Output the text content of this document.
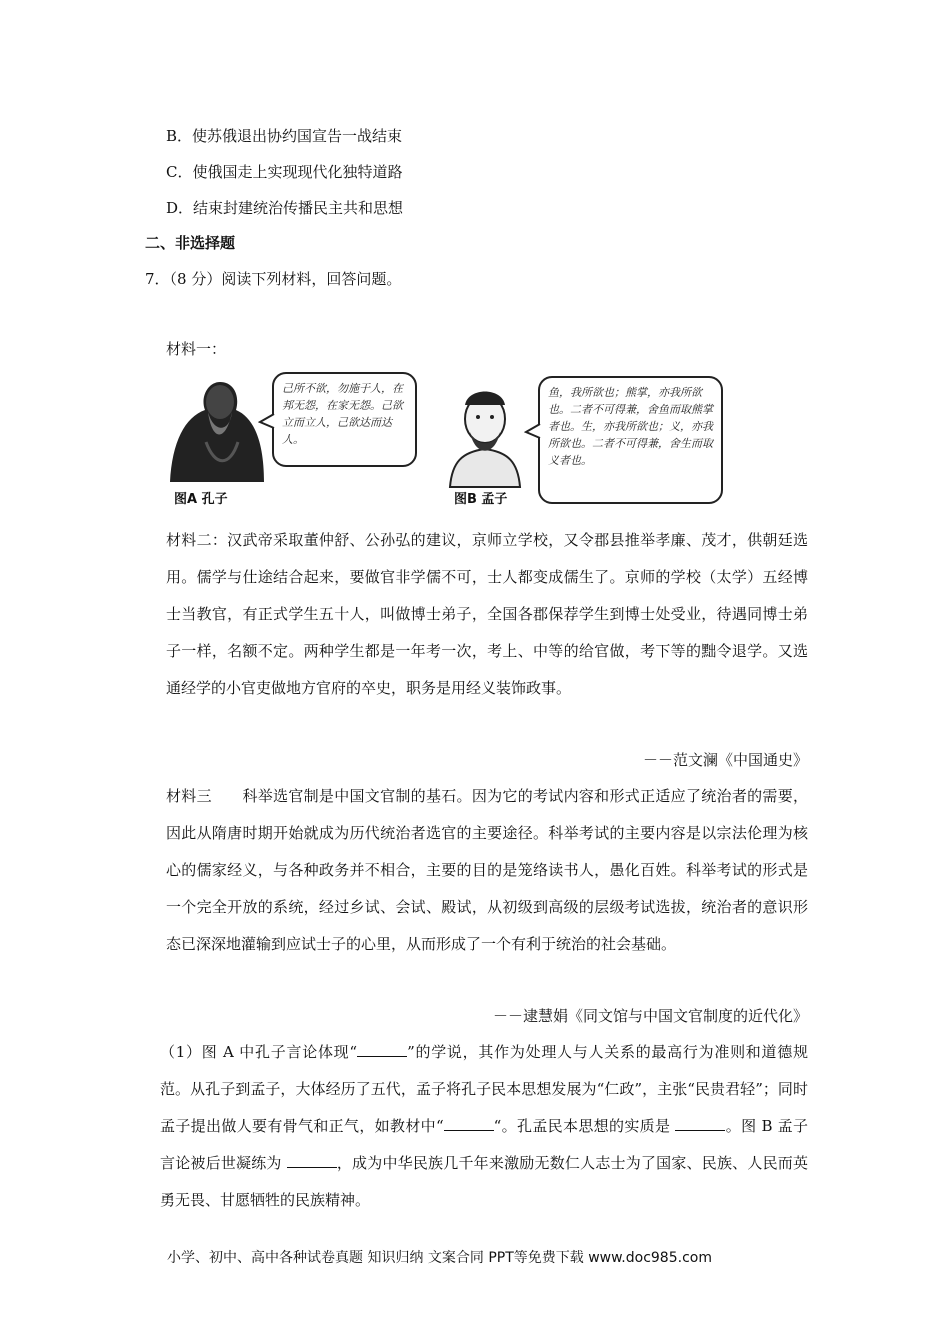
B．使苏俄退出协约国宣告一战结束
C．使俄国走上实现现代化独特道路
D．结束封建统治传播民主共和思想
二、非选择题
7．（8 分）阅读下列材料，回答问题。
材料一：
己所不欲，勿施于人，在邦无怨，在家无怨。己欲立而立人，己欲达而达人。
图A 孔子
鱼，我所欲也；熊掌，亦我所欲也。二者不可得兼，舍鱼而取熊掌者也。生，亦我所欲也；义，亦我所欲也。二者不可得兼，舍生而取义者也。
图B 孟子
材料二：汉武帝采取董仲舒、公孙弘的建议，京师立学校，又令郡县推举孝廉、茂才，供朝廷选用。儒学与仕途结合起来，要做官非学儒不可，士人都变成儒生了。京师的学校（太学）五经博士当教官，有正式学生五十人，叫做博士弟子，全国各郡保荐学生到博士处受业，待遇同博士弟子一样，名额不定。两种学生都是一年考一次，考上、中等的给官做，考下等的黜令退学。又选通经学的小官吏做地方官府的卒史，职务是用经义装饰政事。
－－范文澜《中国通史》
材料三　　科举选官制是中国文官制的基石。因为它的考试内容和形式正适应了统治者的需要，因此从隋唐时期开始就成为历代统治者选官的主要途径。科举考试的主要内容是以宗法伦理为核心的儒家经义，与各种政务并不相合，主要的目的是笼络读书人，愚化百姓。科举考试的形式是一个完全开放的系统，经过乡试、会试、殿试，从初级到高级的层级考试选拔，统治者的意识形态已深深地灌输到应试士子的心里，从而形成了一个有利于统治的社会基础。
－－逮慧娟《同文馆与中国文官制度的近代化》
（1）图 A 中孔子言论体现“	”的学说，其作为处理人与人关系的最高行为准则和道德规范。从孔子到孟子，大体经历了五代，孟子将孔子民本思想发展为“仁政”，主张“民贵君轻”；同时孟子提出做人要有骨气和正气，如教材中“	“。孔孟民本思想的实质是	。图 B 孟子言论被后世凝练为	，成为中华民族几千年来激励无数仁人志士为了国家、民族、人民而英勇无畏、甘愿牺牲的民族精神。
小学、初中、高中各种试卷真题 知识归纳 文案合同 PPT等免费下载 www.doc985.com
